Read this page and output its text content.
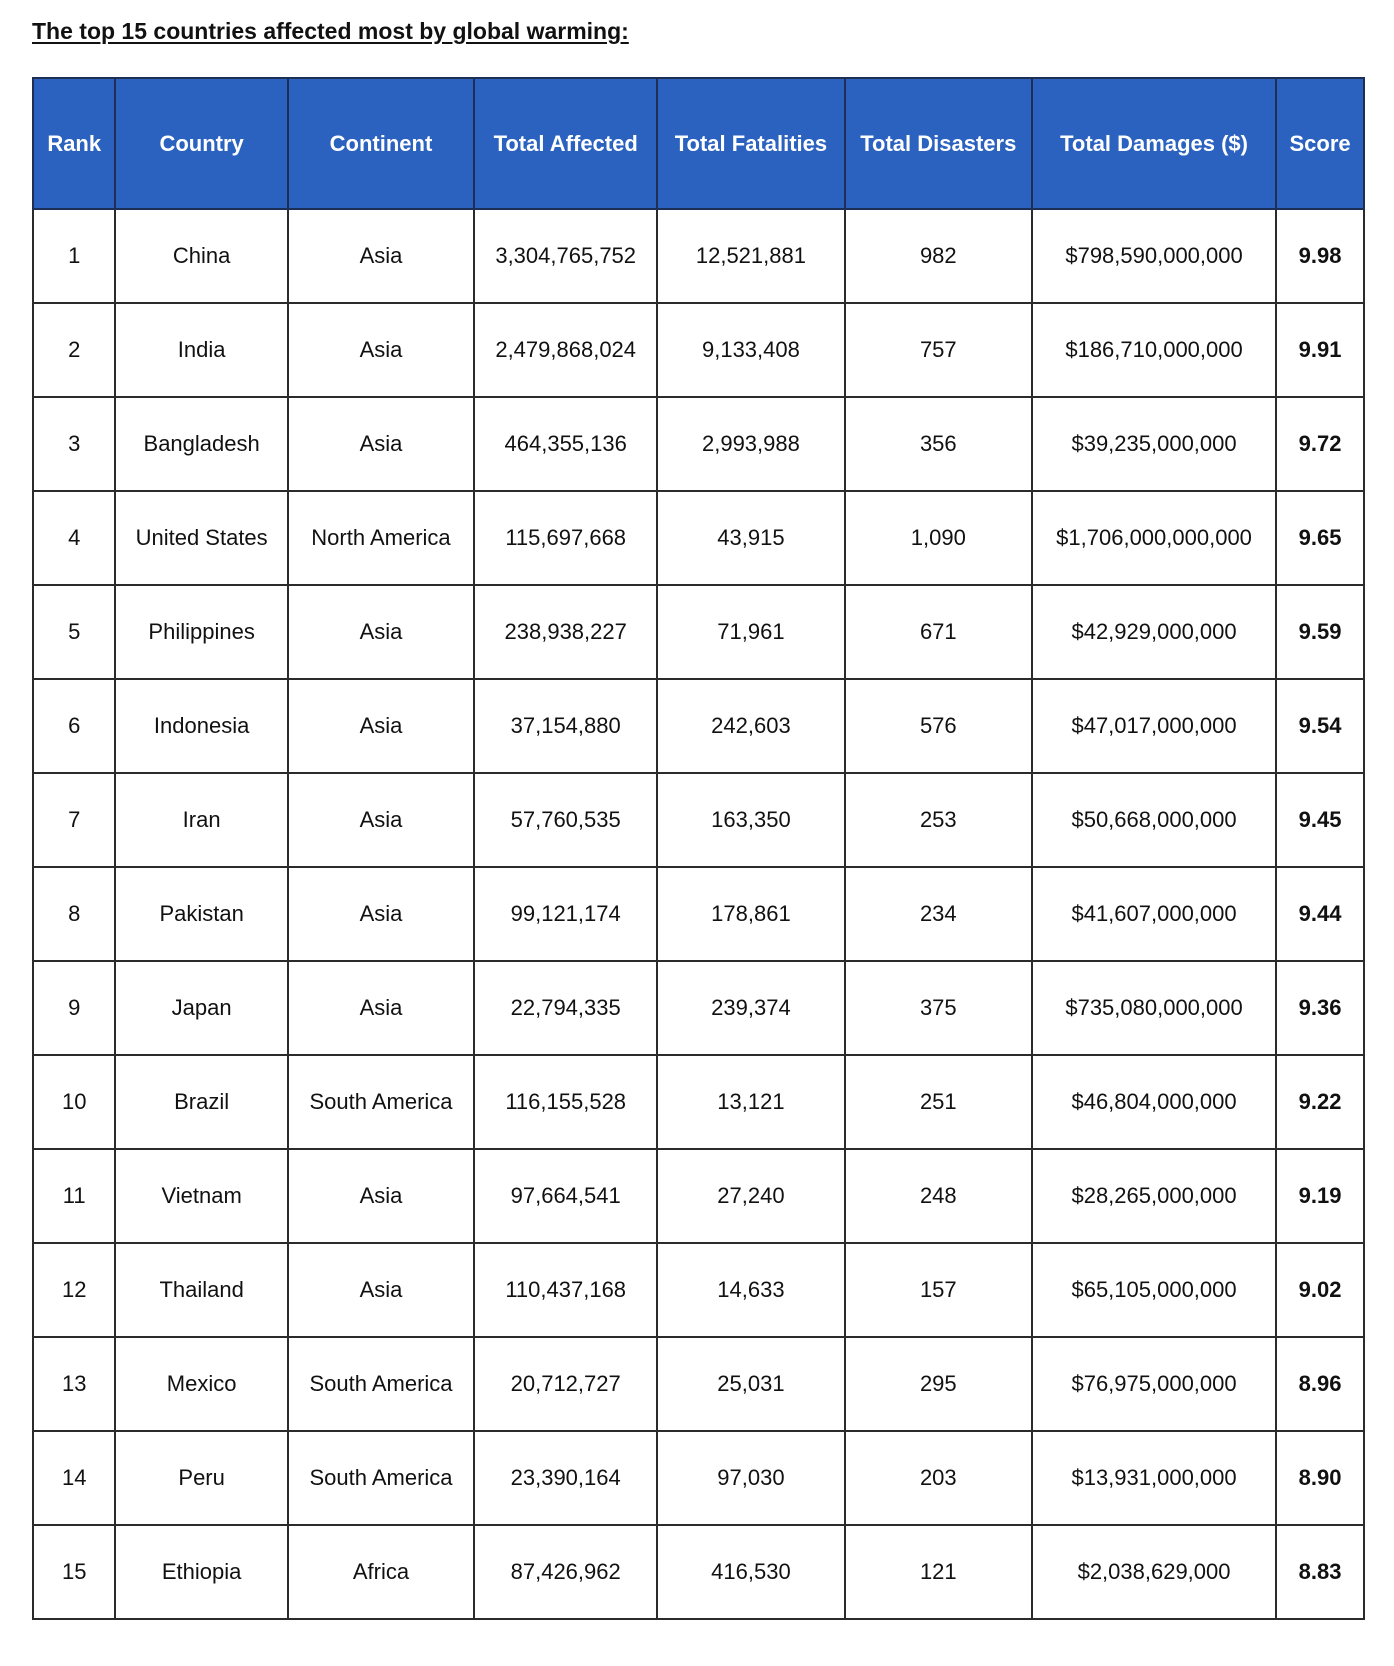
The top 15 countries affected most by global warming:
Rank	Country	Continent	Total Affected	Total Fatalities	Total Disasters	Total Damages ($)	Score
1	China	Asia	3,304,765,752	12,521,881	982	$798,590,000,000	9.98
2	India	Asia	2,479,868,024	9,133,408	757	$186,710,000,000	9.91
3	Bangladesh	Asia	464,355,136	2,993,988	356	$39,235,000,000	9.72
4	United States	North America	115,697,668	43,915	1,090	$1,706,000,000,000	9.65
5	Philippines	Asia	238,938,227	71,961	671	$42,929,000,000	9.59
6	Indonesia	Asia	37,154,880	242,603	576	$47,017,000,000	9.54
7	Iran	Asia	57,760,535	163,350	253	$50,668,000,000	9.45
8	Pakistan	Asia	99,121,174	178,861	234	$41,607,000,000	9.44
9	Japan	Asia	22,794,335	239,374	375	$735,080,000,000	9.36
10	Brazil	South America	116,155,528	13,121	251	$46,804,000,000	9.22
11	Vietnam	Asia	97,664,541	27,240	248	$28,265,000,000	9.19
12	Thailand	Asia	110,437,168	14,633	157	$65,105,000,000	9.02
13	Mexico	South America	20,712,727	25,031	295	$76,975,000,000	8.96
14	Peru	South America	23,390,164	97,030	203	$13,931,000,000	8.90
15	Ethiopia	Africa	87,426,962	416,530	121	$2,038,629,000	8.83
